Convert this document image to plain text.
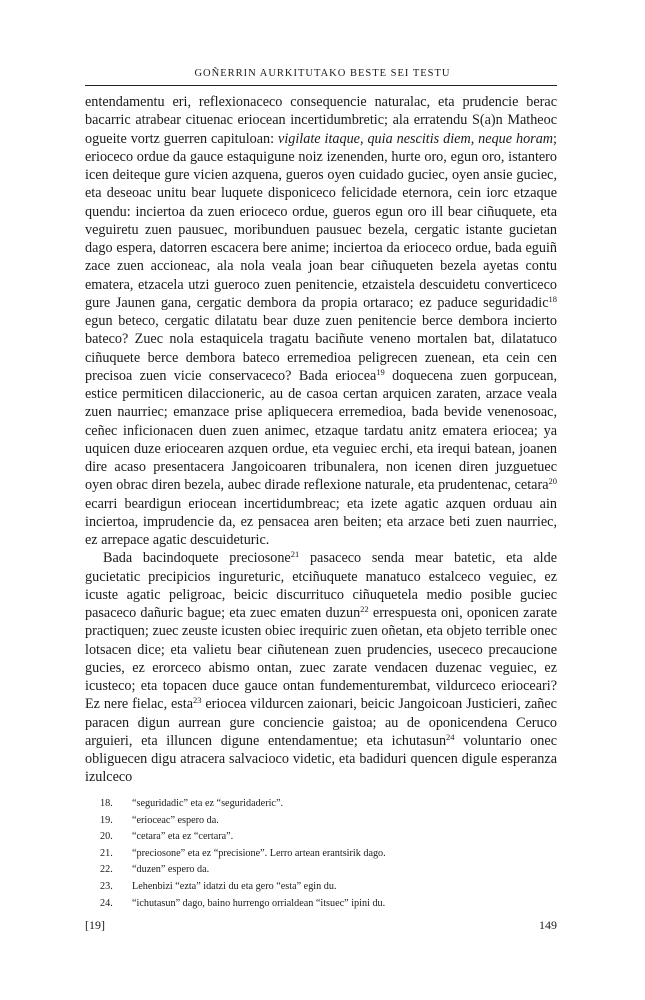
GOÑERRIN AURKITUTAKO BESTE SEI TESTU

entendamentu eri, reflexionaceco consequencie naturalac, eta prudencie berac bacarric atrabear cituenac eriocean incertidumbretic; ala erratendu S(a)n Matheoc ogueite vortz guerren capituloan: vigilate itaque, quia nescitis diem, neque horam; erioceco ordue da gauce estaquigune noiz izenenden, hurte oro, egun oro, istantero icen deiteque gure vicien azquena, gueros oyen cuidado guciec, oyen ansie guciec, eta deseoac unitu bear luquete disponiceco felicidade eternora, cein iorc etzaque quendu: inciertoa da zuen erioceco ordue, gueros egun oro ill bear ciñuquete, eta veguiretu zuen pausuec, moribunduen pausuec bezela, cergatic istante gucietan dago espera, datorren escacera bere anime; inciertoa da erioceco ordue, bada eguiñ zace zuen accioneac, ala nola veala joan bear ciñuqueten bezela ayetas contu ematera, etzacela utzi gueroco zuen penitencie, etzaistela descuidetu converticeco gure Jaunen gana, cergatic dembora da propia ortaraco; ez paduce seguridadic$^{18}$ egun beteco, cergatic dilatatu bear duze zuen penitencie berce dembora incierto bateco? Zuec nola estaquicela tragatu baciñute veneno mortalen bat, dilatatuco ciñuquete berce dembora bateco erremedioa peligrecen zuenean, eta cein cen precisoa zuen vicie conservaceco? Bada eriocea$^{19}$ doquecena zuen gorpucean, estice permiticen dilaccioneric, au de casoa certan arquicen zaraten, arzace veala zuen naurriec; emanzace prise apliquecera erremedioa, bada bevide venenosoac, ceñec inficionacen duen zuen animec, etzaque tardatu anitz ematera eriocea; ya uquicen duze eriocearen azquen ordue, eta veguiec erchi, eta irequi batean, joanen dire acaso presentacera Jangoicoaren tribunalera, non icenen diren juzguetuec oyen obrac diren bezela, aubec dirade reflexione naturale, eta prudentenac, cetara$^{20}$ ecarri beardigun eriocean incertidumbreac; eta izete agatic azquen orduau ain inciertoa, imprudencie da, ez pensacea aren beiten; eta arzace beti zuen naurriec, ez arrepace agatic descuideturic.

Bada bacindoquete preciosone$^{21}$ pasaceco senda mear batetic, eta alde gucietatic precipicios ingureturic, etciñuquete manatuco estalceco veguiec, ez icuste agatic peligroac, beicic discurrituco ciñuquetela medio posible guciec pasaceco dañuric bague; eta zuec ematen duzun$^{22}$ errespuesta oni, oponicen zarate practiquen; zuec zeuste icusten obiec irequiric zuen oñetan, eta objeto terrible onec lotsacen dice; eta valietu bear ciñutenean zuen prudencies, usececo precaucione gucies, ez erorceco abismo ontan, zuec zarate vendacen duzenac veguiec, ez icusteco; eta topacen duce gauce ontan fundementurembat, vildurceco erioceari? Ez nere fielac, esta$^{23}$ eriocea vildurcen zaionari, beicic Jangoicoan Justicieri, zañec paracen digun aurrean gure conciencie gaistoa; au de oponicendena Ceruco arguieri, eta illuncen digune entendamentue; eta ichutasun$^{24}$ voluntario onec obliguecen digu atracera salvacioco videtic, eta badiduri quencen digule esperanza izulceco

18.	“seguridadic” eta ez “seguridaderic”.
19.	“erioceac” espero da.
20.	“cetara” eta ez “certara”.
21.	“preciosone” eta ez “precisione”. Lerro artean erantsirik dago.
22.	“duzen” espero da.
23.	Lehenbizi “ezta” idatzi du eta gero “esta” egin du.
24.	“ichutasun” dago, baino hurrengo orrialdean “itsuec” ipini du.
[19]	149
